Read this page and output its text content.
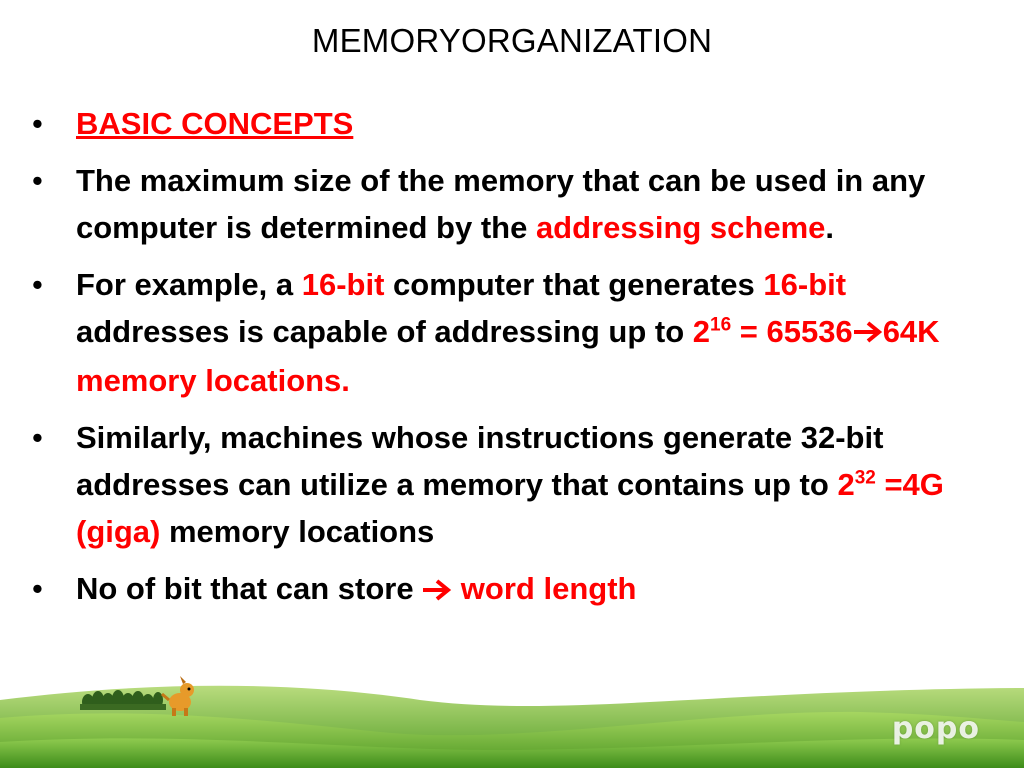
MEMORYORGANIZATION
• BASIC CONCEPTS
• The maximum size of the memory that can be used in any computer is determined by the addressing scheme.
• For example, a 16-bit computer that generates 16-bit addresses is capable of addressing up to $2^{16} = 65536$ 64K memory locations.
• Similarly, machines whose instructions generate 32-bit addresses can utilize a memory that contains up to $2^{32} =4G$ (giga) memory locations
• No of bit that can store  word length
popo
